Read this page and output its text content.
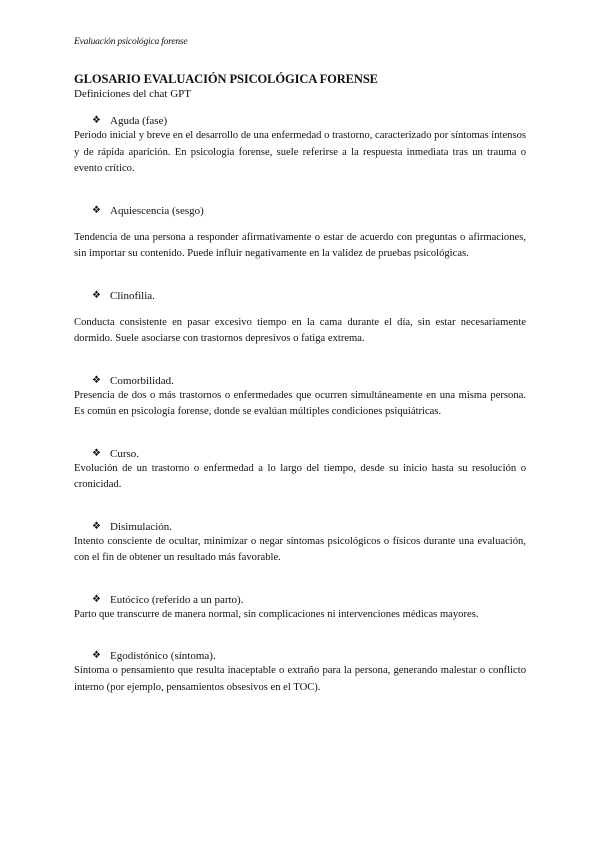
Evaluación psicológica forense
GLOSARIO EVALUACIÓN PSICOLÓGICA FORENSE

Definiciones del chat GPT

❖ Aguda (fase)

Periodo inicial y breve en el desarrollo de una enfermedad o trastorno, caracterizado por síntomas intensos y de rápida aparición. En psicología forense, suele referirse a la respuesta inmediata tras un trauma o evento crítico.

❖ Aquiescencia (sesgo)

Tendencia de una persona a responder afirmativamente o estar de acuerdo con preguntas o afirmaciones, sin importar su contenido. Puede influir negativamente en la validez de pruebas psicológicas.

❖ Clinofilia.

Conducta consistente en pasar excesivo tiempo en la cama durante el día, sin estar necesariamente dormido. Suele asociarse con trastornos depresivos o fatiga extrema.

❖ Comorbilidad.

Presencia de dos o más trastornos o enfermedades que ocurren simultáneamente en una misma persona. Es común en psicología forense, donde se evalúan múltiples condiciones psiquiátricas.

❖ Curso.

Evolución de un trastorno o enfermedad a lo largo del tiempo, desde su inicio hasta su resolución o cronicidad.

❖ Disimulación.

Intento consciente de ocultar, minimizar o negar síntomas psicológicos o físicos durante una evaluación, con el fin de obtener un resultado más favorable.

❖ Eutócico (referido a un parto).

Parto que transcurre de manera normal, sin complicaciones ni intervenciones médicas mayores.

❖ Egodistónico (síntoma).

Síntoma o pensamiento que resulta inaceptable o extraño para la persona, generando malestar o conflicto interno (por ejemplo, pensamientos obsesivos en el TOC).
